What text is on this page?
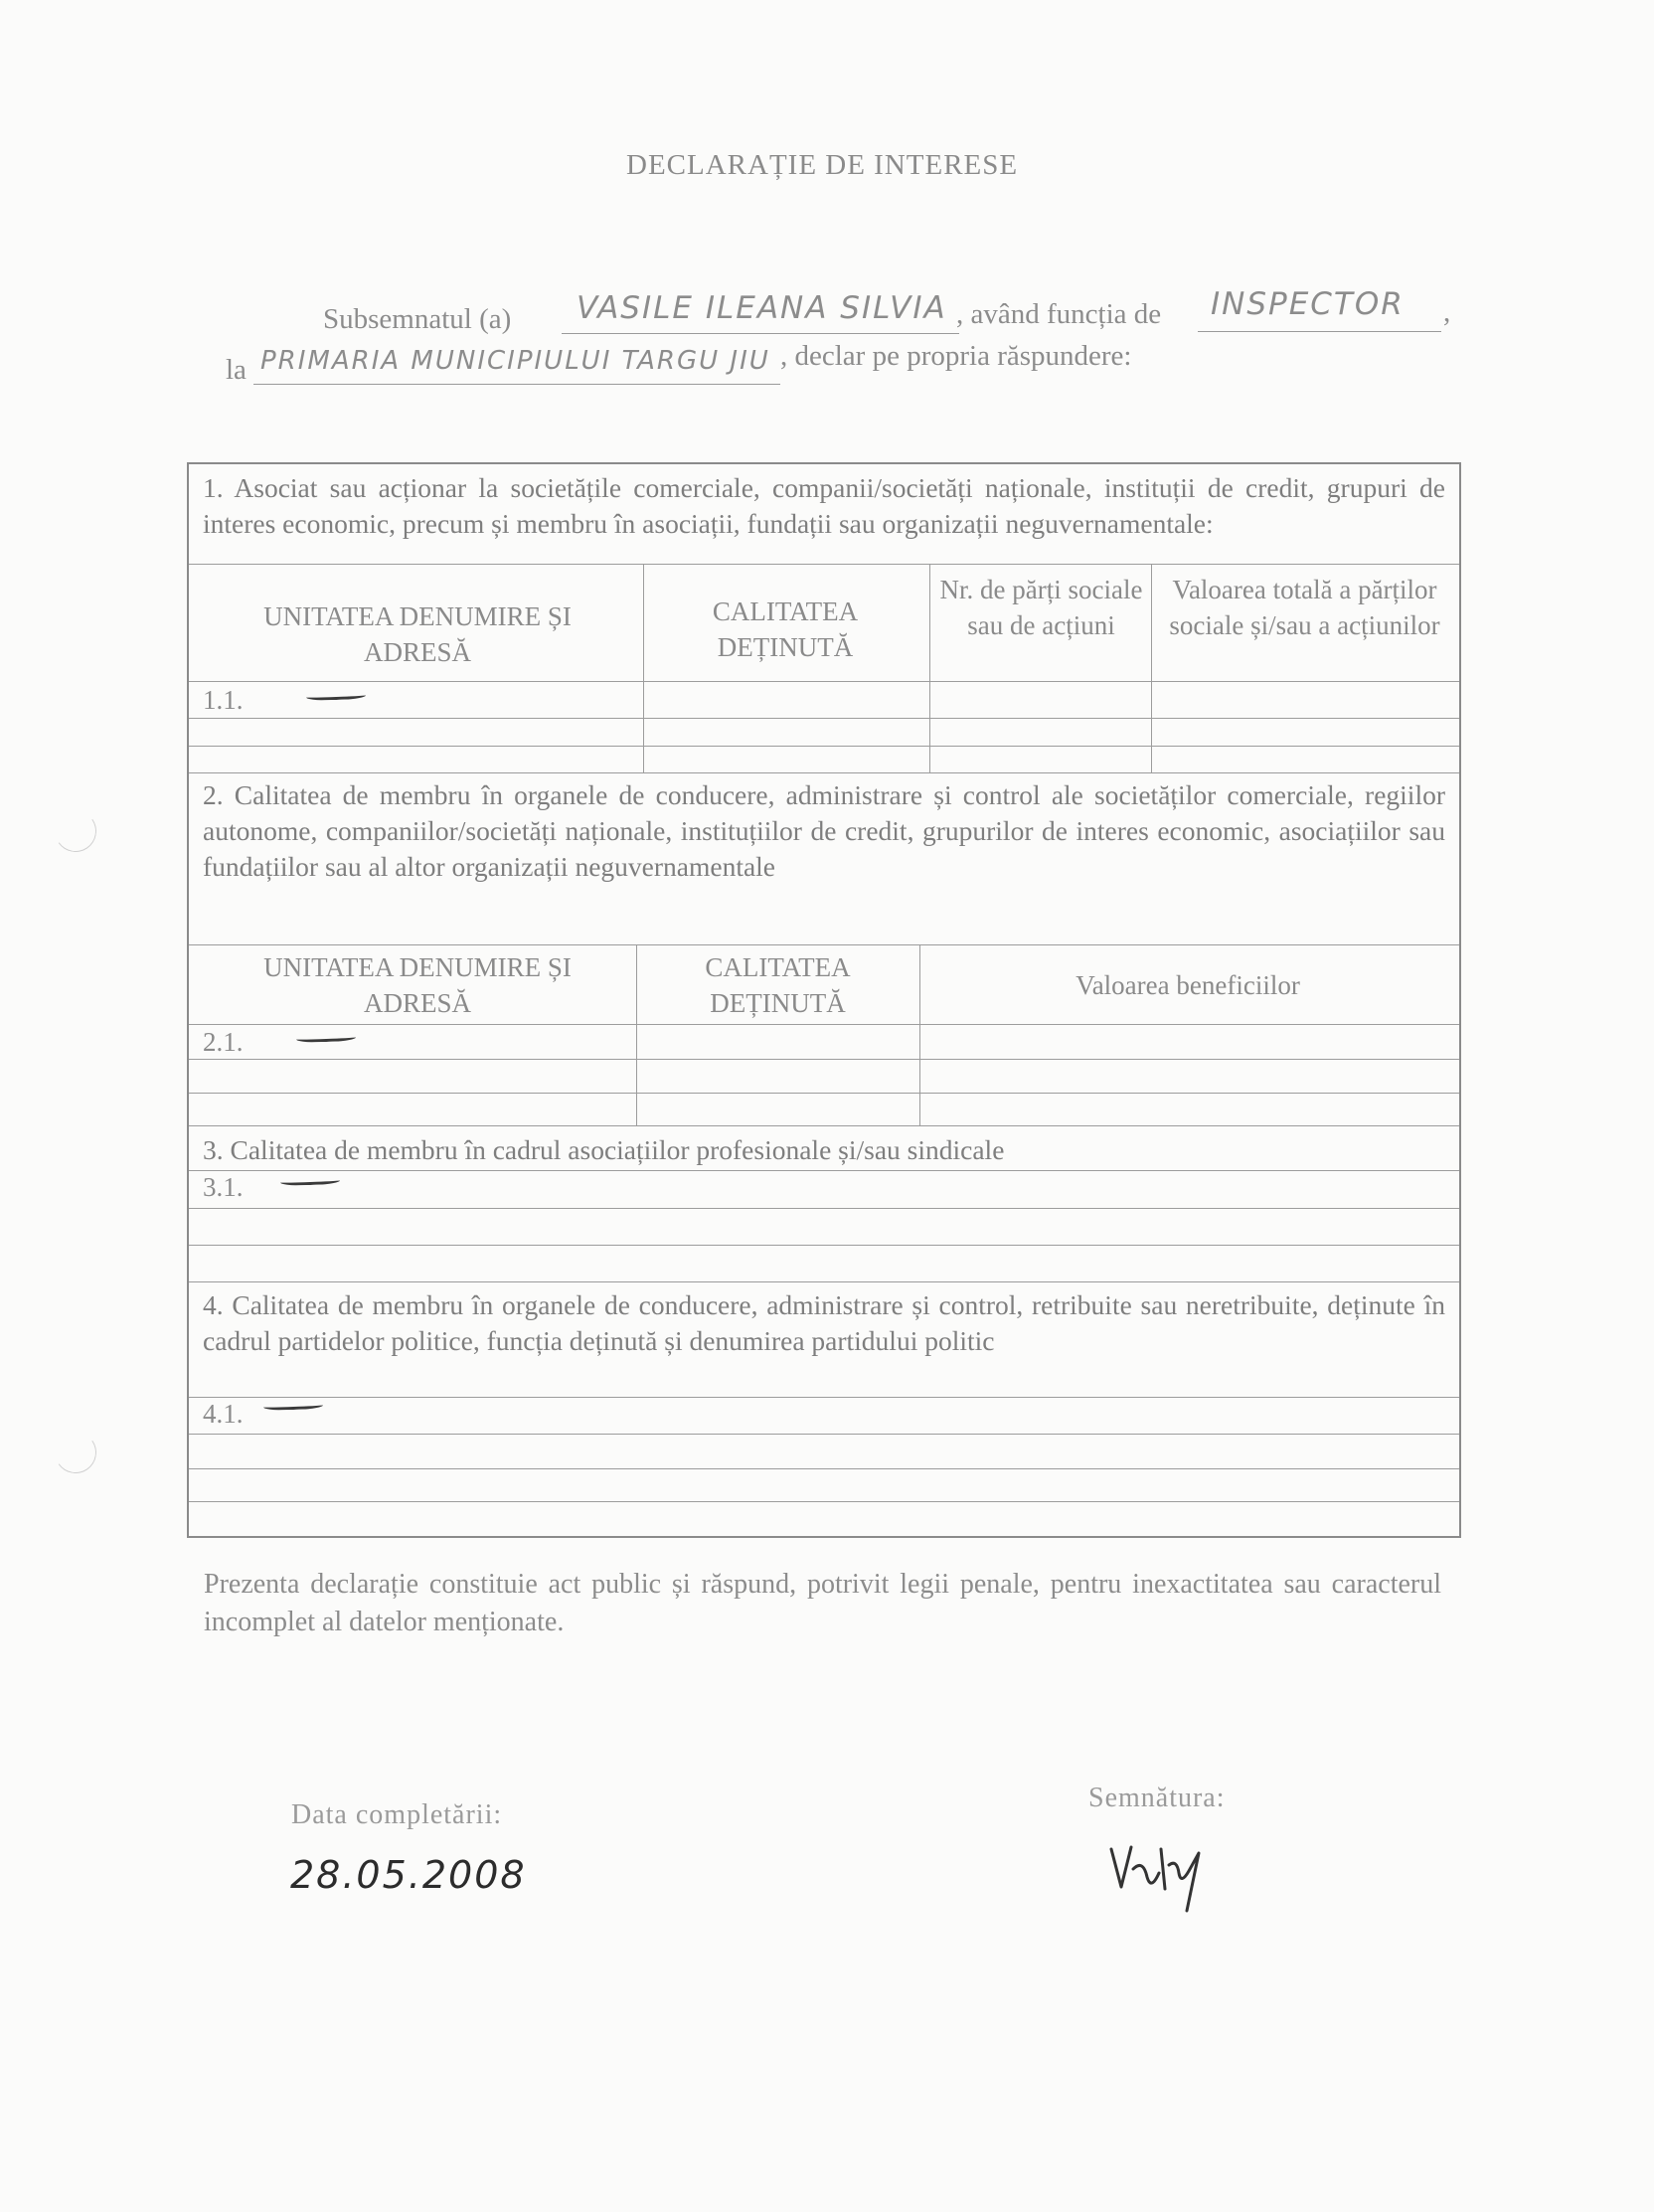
DECLARAȚIE DE INTERESE
Subsemnatul (a) VASILE ILEANA SILVIA , având funcția de INSPECTOR ,
la PRIMARIA MUNICIPIULUI TARGU JIU , declar pe propria răspundere:
1. Asociat sau acționar la societățile comerciale, companii/societăți naționale, instituții de credit, grupuri de interes economic, precum și membru în asociații, fundații sau organizații neguvernamentale:
UNITATEA DENUMIRE ȘI ADRESĂ
CALITATEA DEȚINUTĂ
Nr. de părți sociale sau de acțiuni
Valoarea totală a părților sociale și/sau a acțiunilor
1.1.
2. Calitatea de membru în organele de conducere, administrare și control ale societăților comerciale, regiilor autonome, companiilor/societăți naționale, instituțiilor de credit, grupurilor de interes economic, asociațiilor sau fundațiilor sau al altor organizații neguvernamentale
UNITATEA DENUMIRE ȘI ADRESĂ
CALITATEA DEȚINUTĂ
Valoarea beneficiilor
2.1.
3. Calitatea de membru în cadrul asociațiilor profesionale și/sau sindicale
3.1.
4. Calitatea de membru în organele de conducere, administrare și control, retribuite sau neretribuite, deținute în cadrul partidelor politice, funcția deținută și denumirea partidului politic
4.1.
Prezenta declarație constituie act public și răspund, potrivit legii penale, pentru inexactitatea sau caracterul incomplet al datelor menționate.
Data completării:
28.05.2008
Semnătura:
